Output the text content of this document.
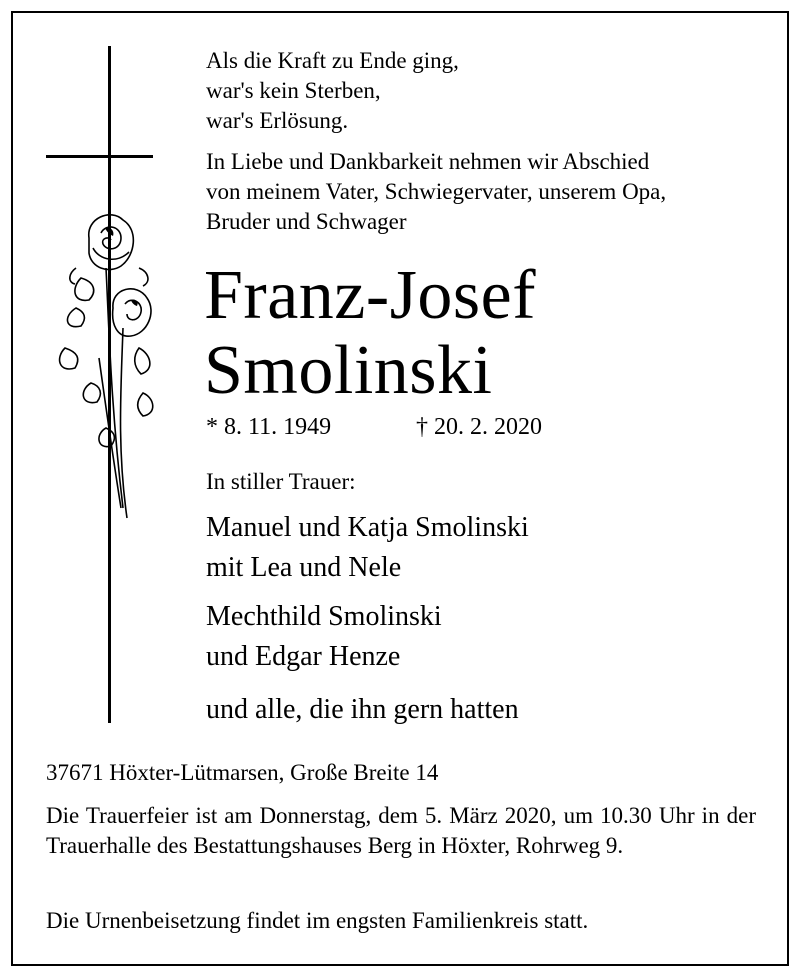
Als die Kraft zu Ende ging,
war's kein Sterben,
war's Erlösung.
In Liebe und Dankbarkeit nehmen wir Abschied
von meinem Vater, Schwiegervater, unserem Opa,
Bruder und Schwager
Franz-Josef
Smolinski
* 8. 11. 1949	† 20. 2. 2020
In stiller Trauer:
Manuel und Katja Smolinski
mit Lea und Nele
Mechthild Smolinski
und Edgar Henze
und alle, die ihn gern hatten
37671 Höxter-Lütmarsen, Große Breite 14
Die Trauerfeier ist am Donnerstag, dem 5. März 2020, um 10.30 Uhr in der Trauerhalle des Bestattungshauses Berg in Höxter, Rohrweg 9.
Die Urnenbeisetzung findet im engsten Familienkreis statt.
